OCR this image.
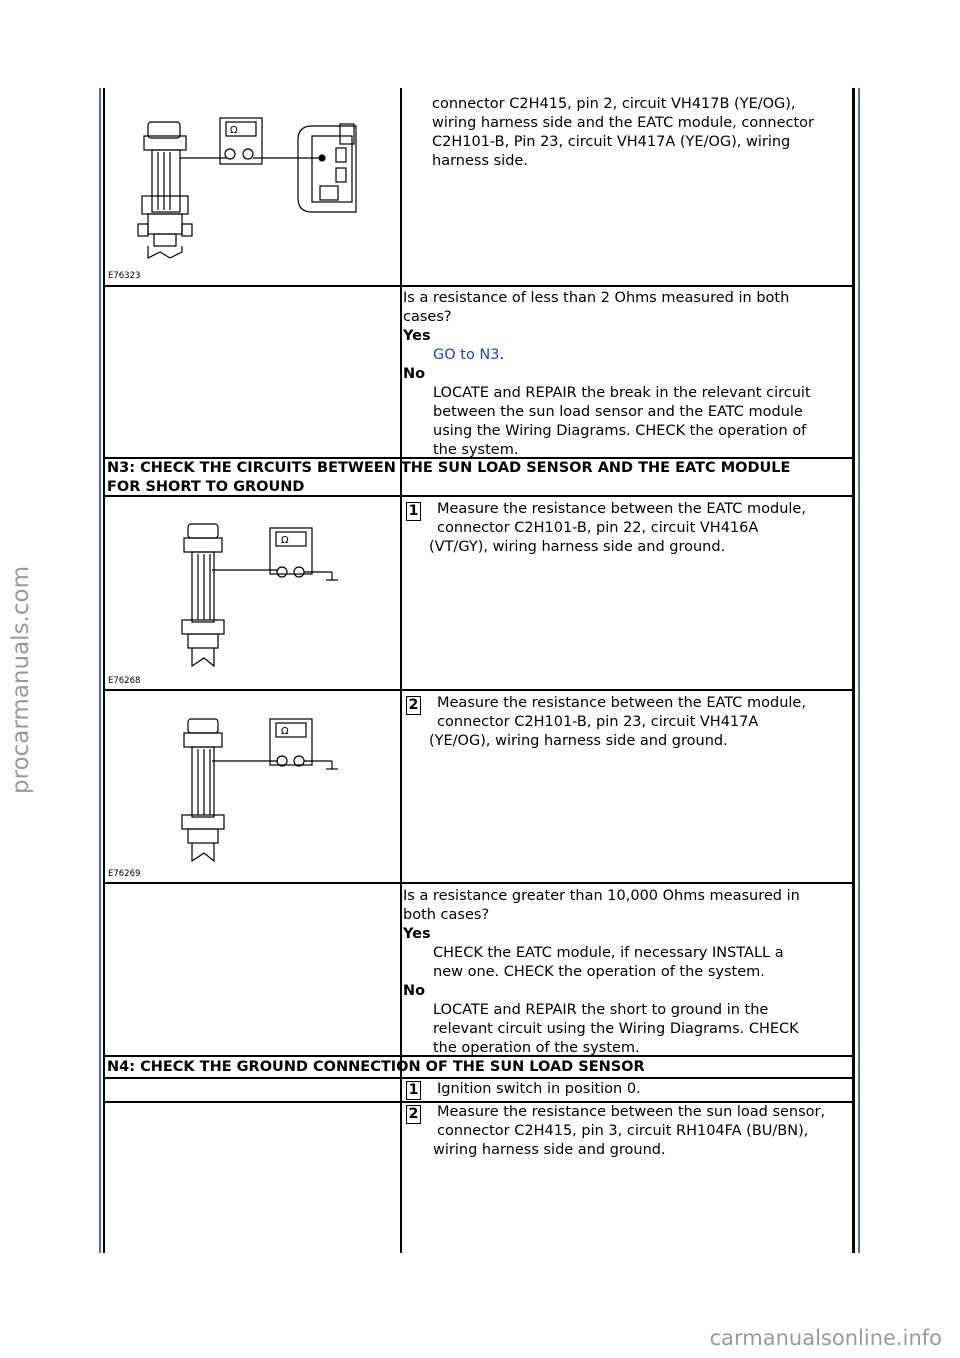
procarmanuals.com
carmanualsonline.info
Ω
E76323
connector C2H415, pin 2, circuit VH417B (YE/OG),
wiring harness side and the EATC module, connector
C2H101-B, Pin 23, circuit VH417A (YE/OG), wiring
harness side.
Is a resistance of less than 2 Ohms measured in both
cases?
Yes
GO to N3.
No
LOCATE and REPAIR the break in the relevant circuit
between the sun load sensor and the EATC module
using the Wiring Diagrams. CHECK the operation of
the system.
N3: CHECK THE CIRCUITS BETWEEN THE SUN LOAD SENSOR AND THE EATC MODULE
FOR SHORT TO GROUND
Ω
E76268
1 Measure the resistance between the EATC module,
connector C2H101-B, pin 22, circuit VH416A
(VT/GY), wiring harness side and ground.
Ω
E76269
2 Measure the resistance between the EATC module,
connector C2H101-B, pin 23, circuit VH417A
(YE/OG), wiring harness side and ground.
Is a resistance greater than 10,000 Ohms measured in
both cases?
Yes
CHECK the EATC module, if necessary INSTALL a
new one. CHECK the operation of the system.
No
LOCATE and REPAIR the short to ground in the
relevant circuit using the Wiring Diagrams. CHECK
the operation of the system.
N4: CHECK THE GROUND CONNECTION OF THE SUN LOAD SENSOR
1 Ignition switch in position 0.
2 Measure the resistance between the sun load sensor,
connector C2H415, pin 3, circuit RH104FA (BU/BN),
wiring harness side and ground.
